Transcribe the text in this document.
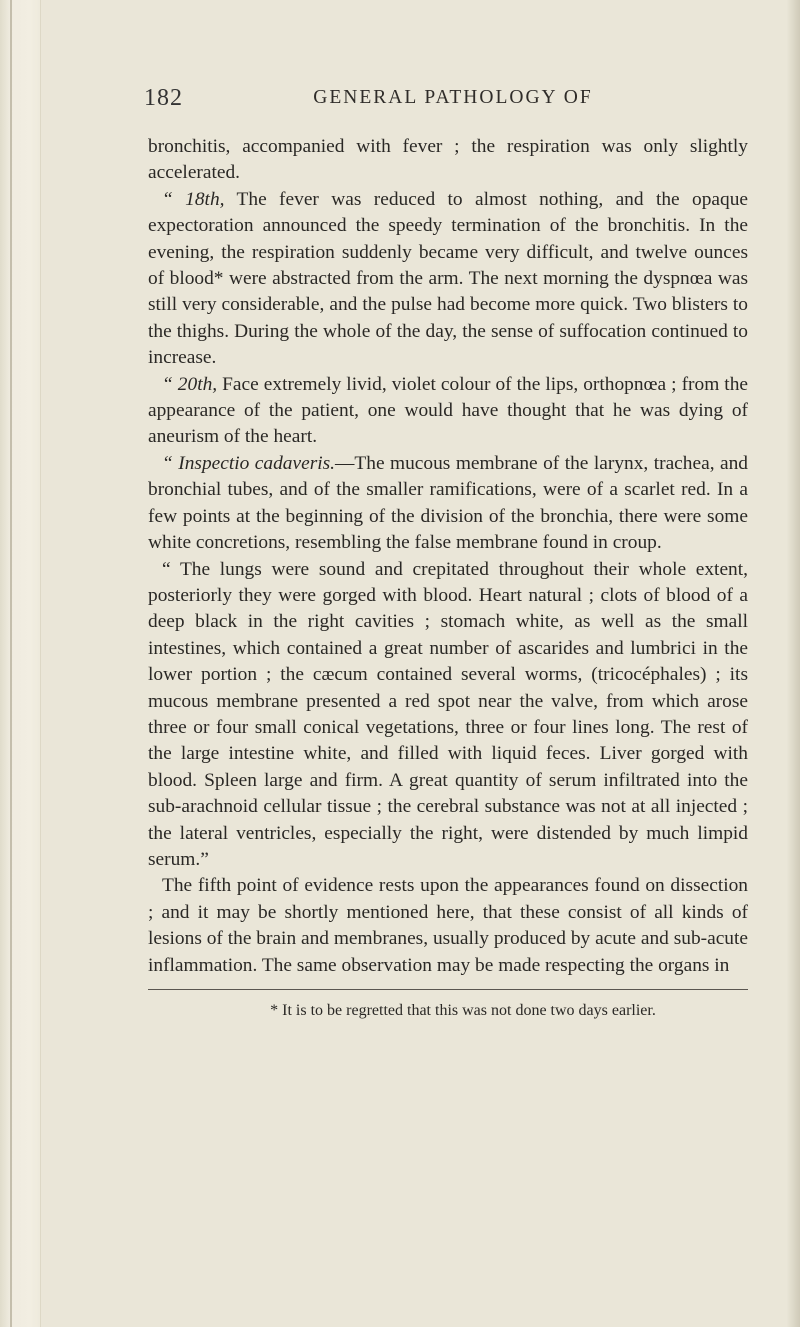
182	GENERAL PATHOLOGY OF

bronchitis, accompanied with fever ; the respiration was only slightly accelerated.

“ 18th, The fever was reduced to almost nothing, and the opaque expectoration announced the speedy termination of the bronchitis. In the evening, the respiration suddenly became very difficult, and twelve ounces of blood* were abstracted from the arm. The next morning the dyspnœa was still very considerable, and the pulse had become more quick. Two blisters to the thighs. During the whole of the day, the sense of suffocation continued to increase.

“ 20th, Face extremely livid, violet colour of the lips, orthopnœa ; from the appearance of the patient, one would have thought that he was dying of aneurism of the heart.

“ Inspectio cadaveris.—The mucous membrane of the larynx, trachea, and bronchial tubes, and of the smaller ramifications, were of a scarlet red. In a few points at the beginning of the division of the bronchia, there were some white concretions, resembling the false membrane found in croup.

“ The lungs were sound and crepitated throughout their whole extent, posteriorly they were gorged with blood. Heart natural ; clots of blood of a deep black in the right cavities ; stomach white, as well as the small intestines, which contained a great number of ascarides and lumbrici in the lower portion ; the cæcum contained several worms, (tricocéphales) ; its mucous membrane presented a red spot near the valve, from which arose three or four small conical vegetations, three or four lines long. The rest of the large intestine white, and filled with liquid feces. Liver gorged with blood. Spleen large and firm. A great quantity of serum infiltrated into the sub-arachnoid cellular tissue ; the cerebral substance was not at all injected ; the lateral ventricles, especially the right, were distended by much limpid serum.”

The fifth point of evidence rests upon the appearances found on dissection ; and it may be shortly mentioned here, that these consist of all kinds of lesions of the brain and membranes, usually produced by acute and sub-acute inflammation. The same observation may be made respecting the organs in

* It is to be regretted that this was not done two days earlier.
